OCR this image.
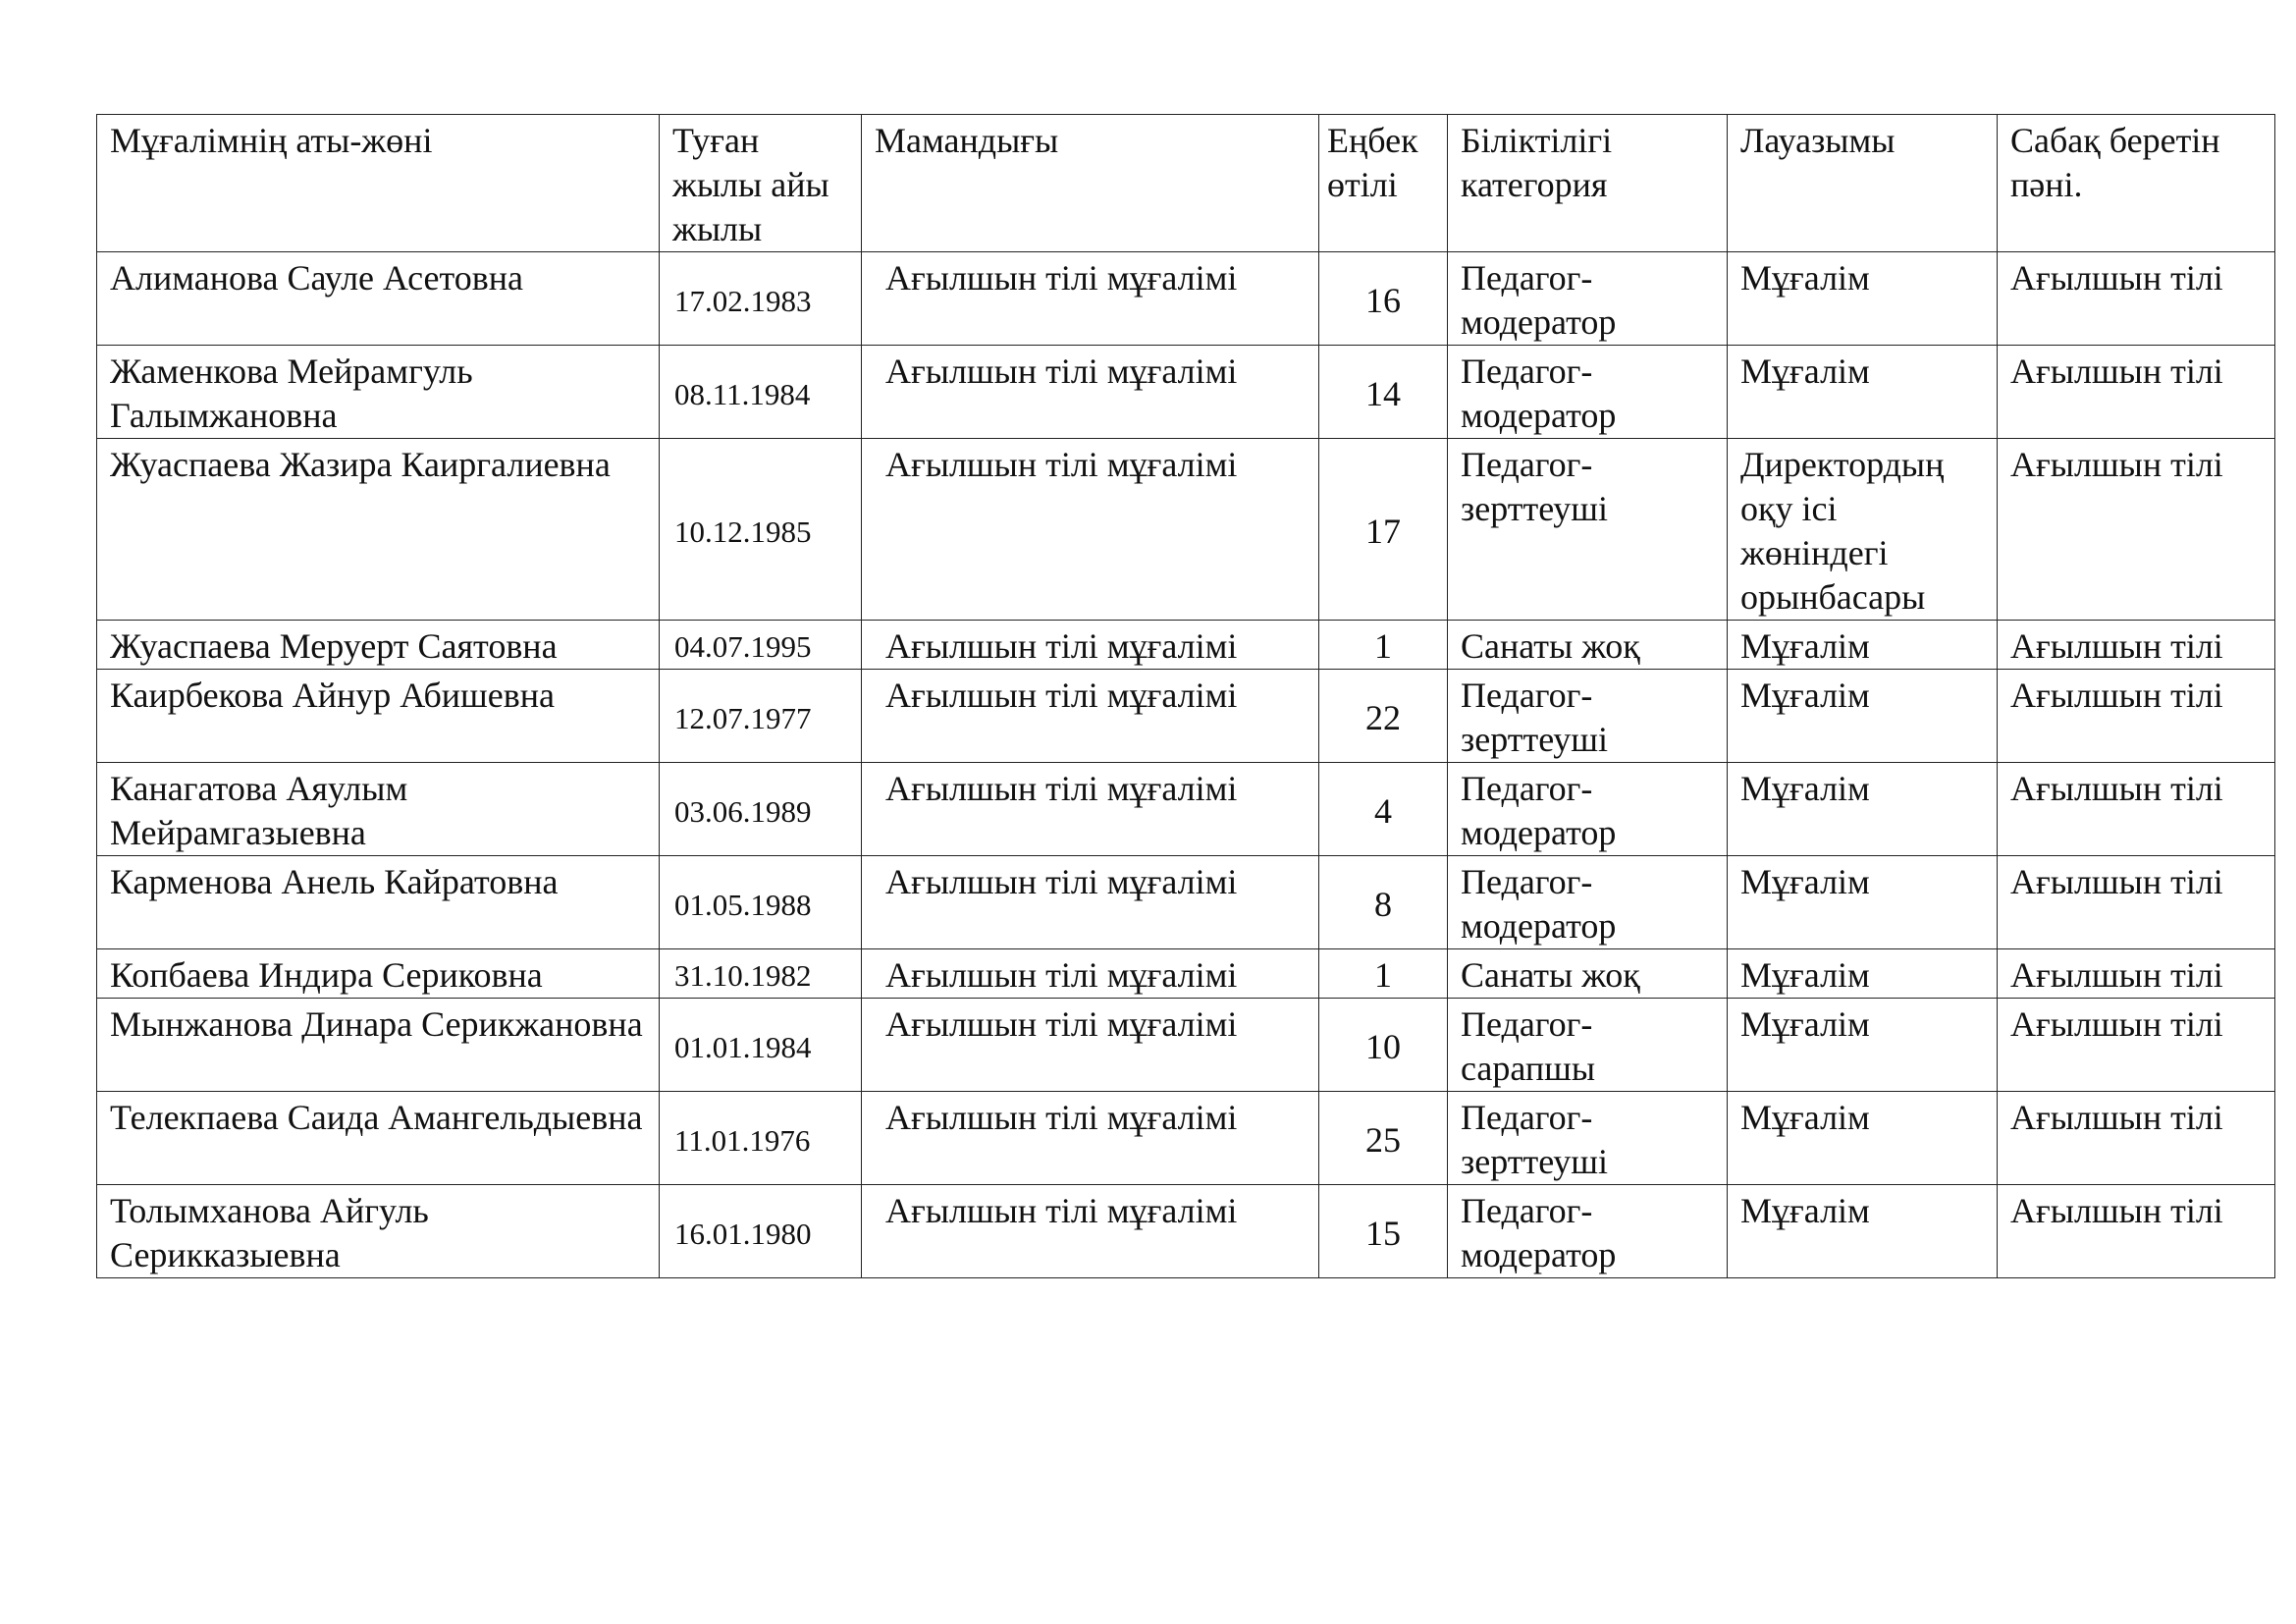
Мұғалімнің аты-жөні	Туған жылы айы жылы	Мамандығы	Еңбек өтілі	Біліктілігі категория	Лауазымы	Сабақ беретін пәні.
Алиманова Сауле Асетовна	17.02.1983	Ағылшын тілі мұғалімі	16	Педагог-модератор	Мұғалім	Ағылшын тілі
Жаменкова Мейрамгуль Галымжановна	08.11.1984	Ағылшын тілі мұғалімі	14	Педагог-модератор	Мұғалім	Ағылшын тілі
Жуаспаева Жазира Каиргалиевна	10.12.1985	Ағылшын тілі мұғалімі	17	Педагог-зерттеуші	Директордың оқу ісі жөніндегі орынбасары	Ағылшын тілі
Жуаспаева Меруерт Саятовна	04.07.1995	Ағылшын тілі мұғалімі	1	Санаты жоқ	Мұғалім	Ағылшын тілі
Каирбекова Айнур Абишевна	12.07.1977	Ағылшын тілі мұғалімі	22	Педагог-зерттеуші	Мұғалім	Ағылшын тілі
Канагатова Аяулым Мейрамгазыевна	03.06.1989	Ағылшын тілі мұғалімі	4	Педагог-модератор	Мұғалім	Ағылшын тілі
Карменова Анель Кайратовна	01.05.1988	Ағылшын тілі мұғалімі	8	Педагог-модератор	Мұғалім	Ағылшын тілі
Копбаева Индира Сериковна	31.10.1982	Ағылшын тілі мұғалімі	1	Санаты жоқ	Мұғалім	Ағылшын тілі
Мынжанова Динара Серикжановна	01.01.1984	Ағылшын тілі мұғалімі	10	Педагог-сарапшы	Мұғалім	Ағылшын тілі
Телекпаева Саида Амангельдыевна	11.01.1976	Ағылшын тілі мұғалімі	25	Педагог-зерттеуші	Мұғалім	Ағылшын тілі
Толымханова Айгуль Серикказыевна	16.01.1980	Ағылшын тілі мұғалімі	15	Педагог-модератор	Мұғалім	Ағылшын тілі
